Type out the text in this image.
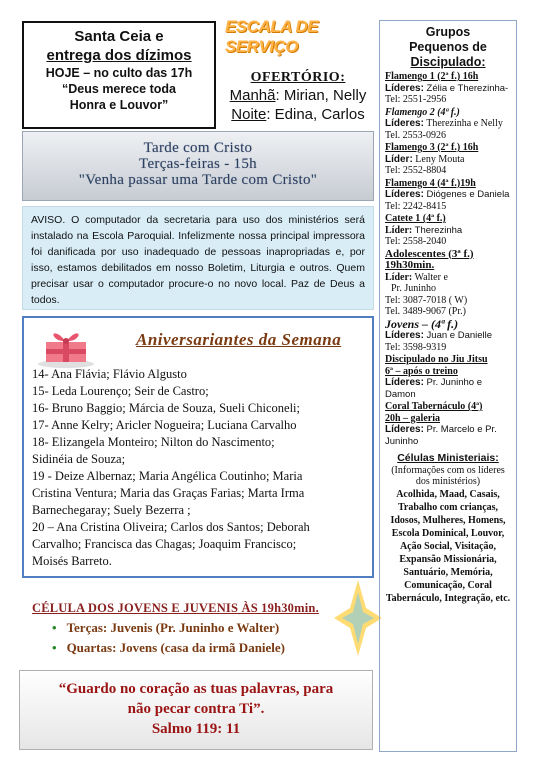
Santa Ceia e
entrega dos dízimos
HOJE – no culto das 17h
“Deus merece toda
Honra e Louvor”
ESCALA DE SERVIÇO
OFERTÓRIO:
Manhã: Mirian, Nelly
Noite: Edina, Carlos
Tarde com Cristo
Terças-feiras - 15h
"Venha passar uma Tarde com Cristo"
AVISO. O computador da secretaria para uso dos ministérios será instalado na Escola Paroquial. Infelizmente nossa principal impressora foi danificada por uso inadequado de pessoas inapropriadas e, por isso, estamos debilitados em nosso Boletim, Liturgia e outros. Quem precisar usar o computador procure-o no novo local. Paz de Deus a todos.
Aniversariantes da Semana
14- Ana Flávia; Flávio Algusto
15- Leda Lourenço; Seir de Castro;
16- Bruno Baggio; Márcia de Souza, Sueli Chiconeli;
17- Anne Kelry; Aricler Nogueira; Luciana Carvalho
18- Elizangela Monteiro; Nilton do Nascimento;
Sidinéia de Souza;
19 - Deize Albernaz; Maria Angélica Coutinho; Maria
Cristina Ventura; Maria das Graças Farias; Marta Irma
Barnechegaray; Suely Bezerra ;
20 – Ana Cristina Oliveira; Carlos dos Santos; Deborah
Carvalho; Francisca das Chagas; Joaquim Francisco;
Moisés Barreto.
CÉLULA DOS JOVENS E JUVENIS ÀS 19h30min.
• Terças: Juvenis (Pr. Juninho e Walter)
• Quartas: Jovens (casa da irmã Daniele)
“Guardo no coração as tuas palavras, para
não pecar contra Ti”.
Salmo 119: 11
Grupos
Pequenos de
Discipulado:
Flamengo 1 (2ª f.) 16h
Líderes: Zélia e Therezinha-
Tel: 2551-2956
Flamengo 2 (4ª f.)
Líderes: Therezinha e Nelly
Tel. 2553-0926
Flamengo 3 (2ª f.) 16h
Líder: Leny Mouta
Tel: 2552-8804
Flamengo 4 (4ª f.)19h
Líderes: Diógenes e Daniela
Tel: 2242-8415
Catete 1 (4ª f.)
Líder: Therezinha
Tel: 2558-2040
Adolescentes (3ª f.)
19h30min.
Líder: Walter e
Pr. Juninho
Tel: 3087-7018 ( W)
Tel. 3489-9067 (Pr.)
Jovens – (4ª f.)
Líderes: Juan e Danielle
Tel: 3598-9319
Discipulado no Jiu Jitsu
6ª – após o treino
Líderes: Pr. Juninho e Damon
Coral Tabernáculo (4ª)
20h – galeria
Líderes: Pr. Marcelo e Pr. Juninho
Células Ministeriais:
(Informações com os líderes dos ministérios)
Acolhida, Maad, Casais, Trabalho com crianças, Idosos, Mulheres, Homens, Escola Dominical, Louvor, Ação Social, Visitação, Expansão Missionária, Santuário, Memória, Comunicação, Coral Tabernáculo, Integração, etc.
